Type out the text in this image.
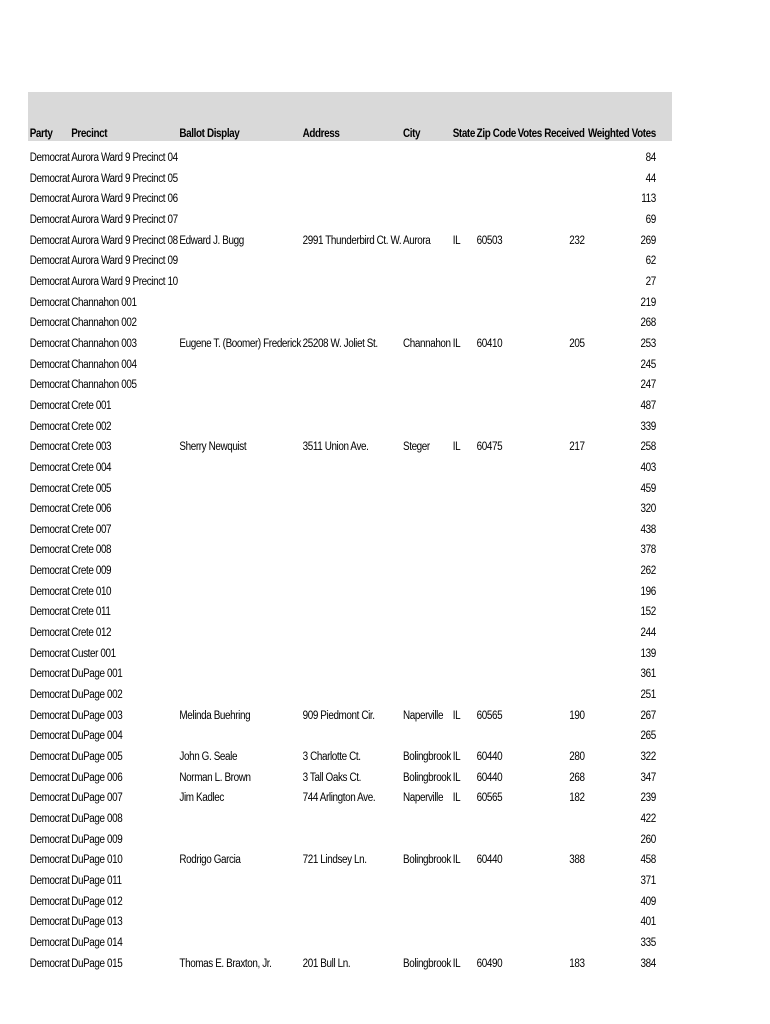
Party	Precinct	Ballot Display	Address	City	State	Zip Code	Votes Received	Weighted Votes
Democrat	Aurora Ward 9 Precinct 04							84
Democrat	Aurora Ward 9 Precinct 05							44
Democrat	Aurora Ward 9 Precinct 06							113
Democrat	Aurora Ward 9 Precinct 07							69
Democrat	Aurora Ward 9 Precinct 08	Edward J. Bugg	2991 Thunderbird Ct. W.	Aurora	IL	60503	232	269
Democrat	Aurora Ward 9 Precinct 09							62
Democrat	Aurora Ward 9 Precinct 10							27
Democrat	Channahon 001							219
Democrat	Channahon 002							268
Democrat	Channahon 003	Eugene T. (Boomer) Frederick	25208 W. Joliet St.	Channahon	IL	60410	205	253
Democrat	Channahon 004							245
Democrat	Channahon 005							247
Democrat	Crete 001							487
Democrat	Crete 002							339
Democrat	Crete 003	Sherry Newquist	3511 Union Ave.	Steger	IL	60475	217	258
Democrat	Crete 004							403
Democrat	Crete 005							459
Democrat	Crete 006							320
Democrat	Crete 007							438
Democrat	Crete 008							378
Democrat	Crete 009							262
Democrat	Crete 010							196
Democrat	Crete 011							152
Democrat	Crete 012							244
Democrat	Custer 001							139
Democrat	DuPage 001							361
Democrat	DuPage 002							251
Democrat	DuPage 003	Melinda Buehring	909 Piedmont Cir.	Naperville	IL	60565	190	267
Democrat	DuPage 004							265
Democrat	DuPage 005	John G. Seale	3 Charlotte Ct.	Bolingbrook	IL	60440	280	322
Democrat	DuPage 006	Norman L. Brown	3 Tall Oaks Ct.	Bolingbrook	IL	60440	268	347
Democrat	DuPage 007	Jim Kadlec	744 Arlington Ave.	Naperville	IL	60565	182	239
Democrat	DuPage 008							422
Democrat	DuPage 009							260
Democrat	DuPage 010	Rodrigo Garcia	721 Lindsey Ln.	Bolingbrook	IL	60440	388	458
Democrat	DuPage 011							371
Democrat	DuPage 012							409
Democrat	DuPage 013							401
Democrat	DuPage 014							335
Democrat	DuPage 015	Thomas E. Braxton, Jr.	201 Bull Ln.	Bolingbrook	IL	60490	183	384
